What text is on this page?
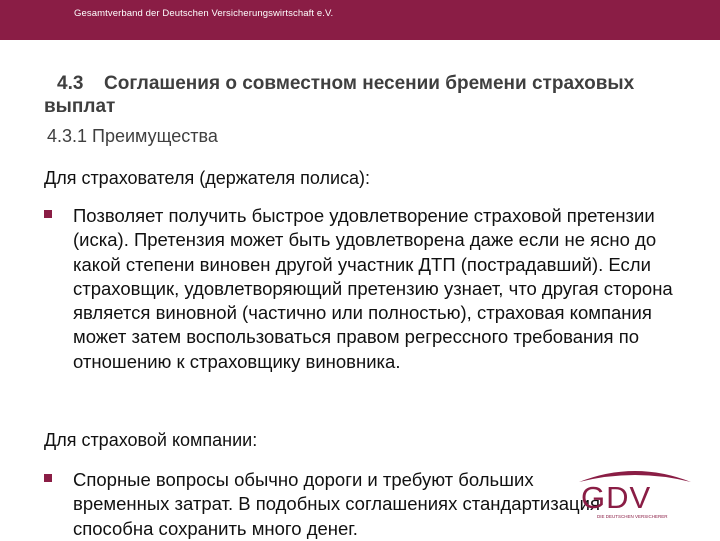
Gesamtverband der Deutschen Versicherungswirtschaft e.V.
4.3 Соглашения о совместном несении бремени страховых выплат
4.3.1 Преимущества
Для страхователя (держателя полиса):
Позволяет получить быстрое удовлетворение страховой претензии (иска). Претензия может быть удовлетворена даже если не ясно до какой степени виновен другой участник ДТП (пострадавший). Если страховщик, удовлетворяющий претензию узнает, что другая сторона является виновной (частично или полностью), страховая компания может затем воспользоваться правом регрессного требования по отношению к страховщику виновника.
Для страховой компании:
Спорные вопросы обычно дороги и требуют больших временных затрат. В подобных соглашениях стандартизация способна сохранить много денег.
GDV
DIE DEUTSCHEN VERSICHERER
